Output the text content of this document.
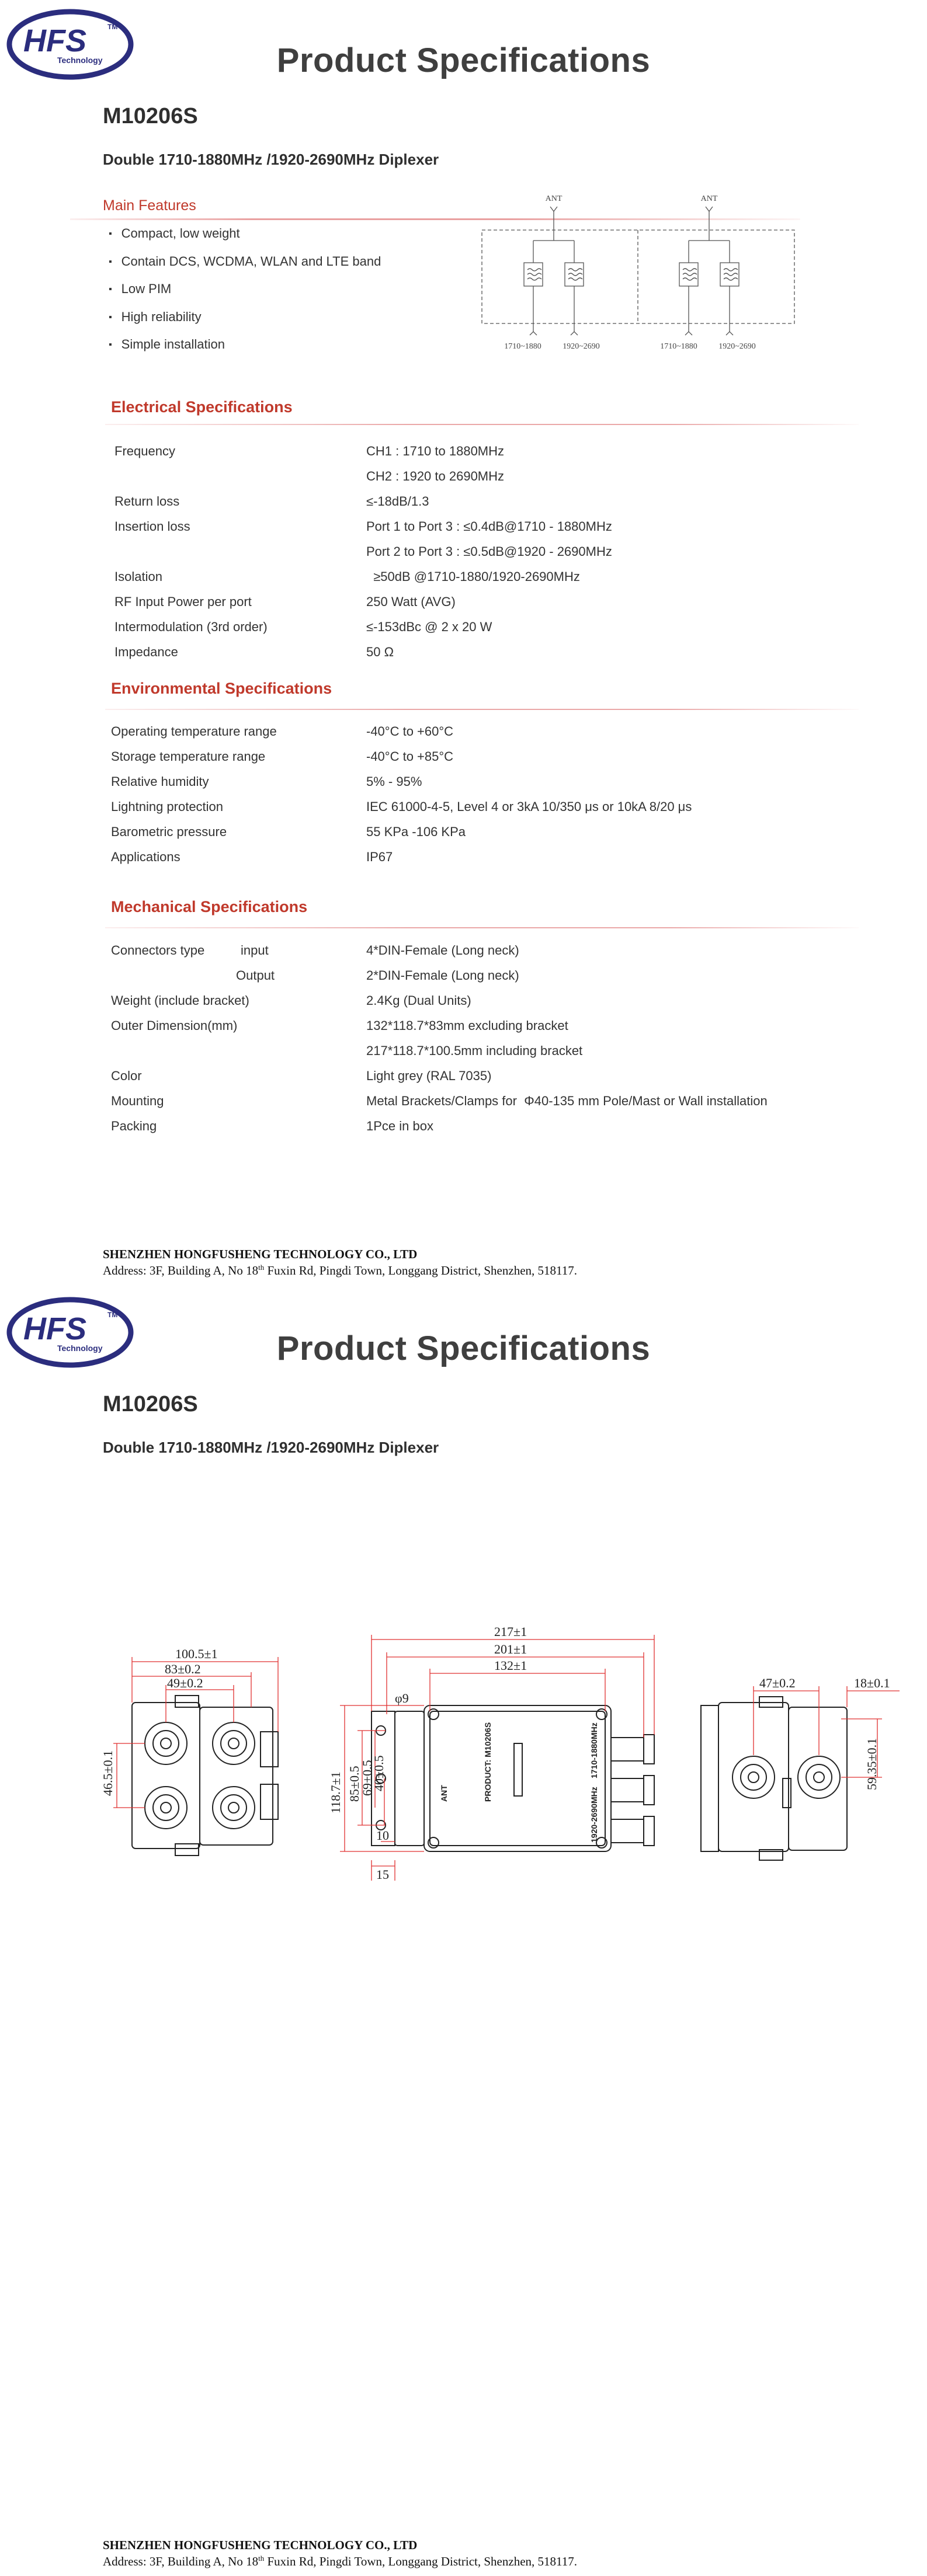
HFS
Technology
TM
Product Specifications
M10206S
Double 1710-1880MHz /1920-2690MHz Diplexer
Main Features
▪ Compact, low weight
▪ Contain DCS, WCDMA, WLAN and LTE band
▪ Low PIM
▪ High reliability
▪ Simple installation
ANT	ANT
1710~1880	1920~2690	1710~1880	1920~2690
Electrical Specifications
Frequency	CH1 : 1710 to 1880MHz
CH2 : 1920 to 2690MHz
Return loss	≤-18dB/1.3
Insertion loss	Port 1 to Port 3 : ≤0.4dB@1710 - 1880MHz
Port 2 to Port 3 : ≤0.5dB@1920 - 2690MHz
Isolation	≥50dB @1710-1880/1920-2690MHz
RF Input Power per port	250 Watt (AVG)
Intermodulation (3rd order)	≤-153dBc @ 2 x 20 W
Impedance	50 Ω
Environmental Specifications
Operating temperature range	-40°C to +60°C
Storage temperature range	-40°C to +85°C
Relative humidity	5% - 95%
Lightning protection	IEC 61000-4-5, Level 4 or 3kA 10/350 μs or 10kA 8/20 μs
Barometric pressure	55 KPa -106 KPa
Applications	IP67
Mechanical Specifications
Connectors type	input	4*DIN-Female (Long neck)
Output	2*DIN-Female (Long neck)
Weight (include bracket)	2.4Kg (Dual Units)
Outer Dimension(mm)	132*118.7*83mm excluding bracket
217*118.7*100.5mm including bracket
Color	Light grey (RAL 7035)
Mounting	Metal Brackets/Clamps for  Φ40-135 mm Pole/Mast or Wall installation
Packing	1Pce in box
SHENZHEN HONGFUSHENG TECHNOLOGY CO., LTD
Address: 3F, Building A, No 18th Fuxin Rd, Pingdi Town, Longgang District, Shenzhen, 518117.
HFS
Technology
TM
Product Specifications
M10206S
Double 1710-1880MHz /1920-2690MHz Diplexer
100.5±1
83±0.2
49±0.2
46.5±0.1	ANT	PRODUCT: M10206S	1710-1880MHz
1920-2690MHz
217±1
201±1
132±1
φ9
118.7±1 85±0.5
69±0.5
40±0.5
10
15
47±0.2	18±0.1
59.35±0.1
SHENZHEN HONGFUSHENG TECHNOLOGY CO., LTD
Address: 3F, Building A, No 18th Fuxin Rd, Pingdi Town, Longgang District, Shenzhen, 518117.
